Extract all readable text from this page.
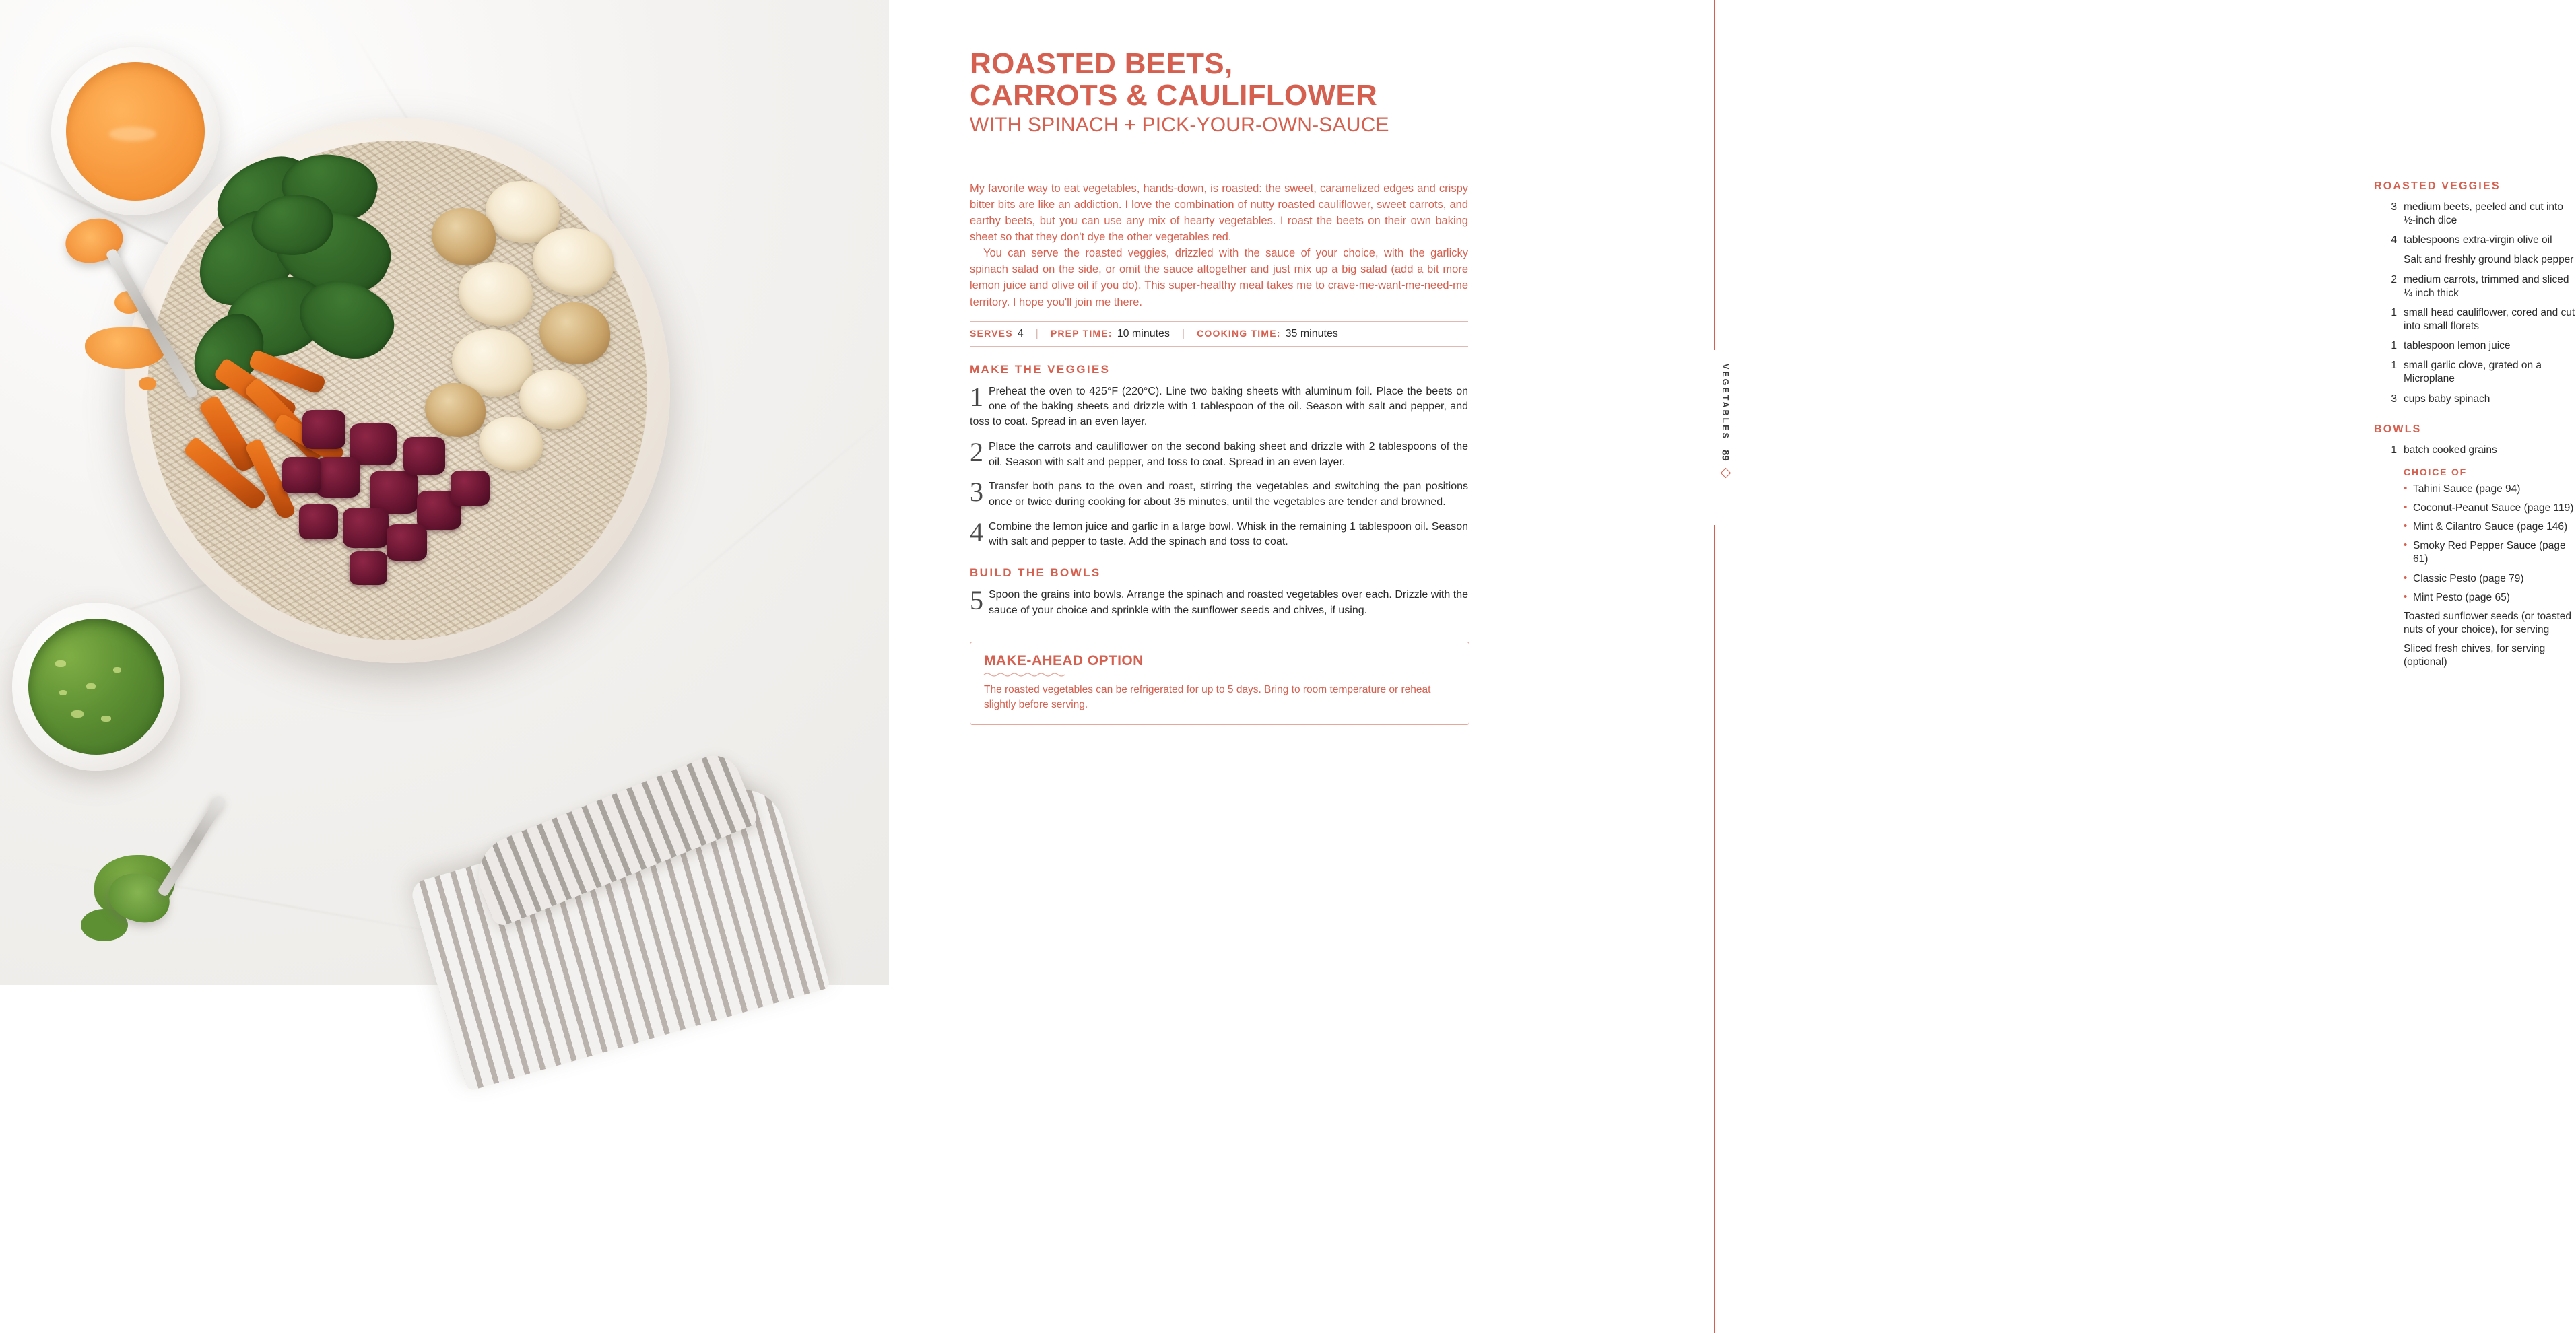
ROASTED BEETS,
CARROTS & CAULIFLOWER
WITH SPINACH + PICK-YOUR-OWN-SAUCE

My favorite way to eat vegetables, hands-down, is roasted: the sweet, caramelized edges and crispy bitter bits are like an addiction. I love the combination of nutty roasted cauliflower, sweet carrots, and earthy beets, but you can use any mix of hearty vegetables. I roast the beets on their own baking sheet so that they don't dye the other vegetables red.

You can serve the roasted veggies, drizzled with the sauce of your choice, with the garlicky spinach salad on the side, or omit the sauce altogether and just mix up a big salad (add a bit more lemon juice and olive oil if you do). This super-healthy meal takes me to crave-me-want-me-need-me territory. I hope you'll join me there.

SERVES 4 | PREP TIME: 10 minutes | COOKING TIME: 35 minutes
MAKE THE VEGGIES
1 Preheat the oven to 425°F (220°C). Line two baking sheets with aluminum foil. Place the beets on one of the baking sheets and drizzle with 1 tablespoon of the oil. Season with salt and pepper, and toss to coat. Spread in an even layer.
2 Place the carrots and cauliflower on the second baking sheet and drizzle with 2 tablespoons of the oil. Season with salt and pepper, and toss to coat. Spread in an even layer.
3 Transfer both pans to the oven and roast, stirring the vegetables and switching the pan positions once or twice during cooking for about 35 minutes, until the vegetables are tender and browned.
4 Combine the lemon juice and garlic in a large bowl. Whisk in the remaining 1 tablespoon oil. Season with salt and pepper to taste. Add the spinach and toss to coat.
BUILD THE BOWLS
5 Spoon the grains into bowls. Arrange the spinach and roasted vegetables over each. Drizzle with the sauce of your choice and sprinkle with the sunflower seeds and chives, if using.
MAKE-AHEAD OPTION

The roasted vegetables can be refrigerated for up to 5 days. Bring to room temperature or reheat slightly before serving.

ROASTED VEGGIES
3 medium beets, peeled and cut into ½-inch dice
4 tablespoons extra-virgin olive oil
Salt and freshly ground black pepper
2 medium carrots, trimmed and sliced ¼ inch thick
1 small head cauliflower, cored and cut into small florets
1 tablespoon lemon juice
1 small garlic clove, grated on a Microplane
3 cups baby spinach
BOWLS
1 batch cooked grains
CHOICE OF
• Tahini Sauce (page 94)
• Coconut-Peanut Sauce (page 119)
• Mint & Cilantro Sauce (page 146)
• Smoky Red Pepper Sauce (page 61)
• Classic Pesto (page 79)
• Mint Pesto (page 65)
Toasted sunflower seeds (or toasted nuts of your choice), for serving
Sliced fresh chives, for serving (optional)
VEGETABLES
89
